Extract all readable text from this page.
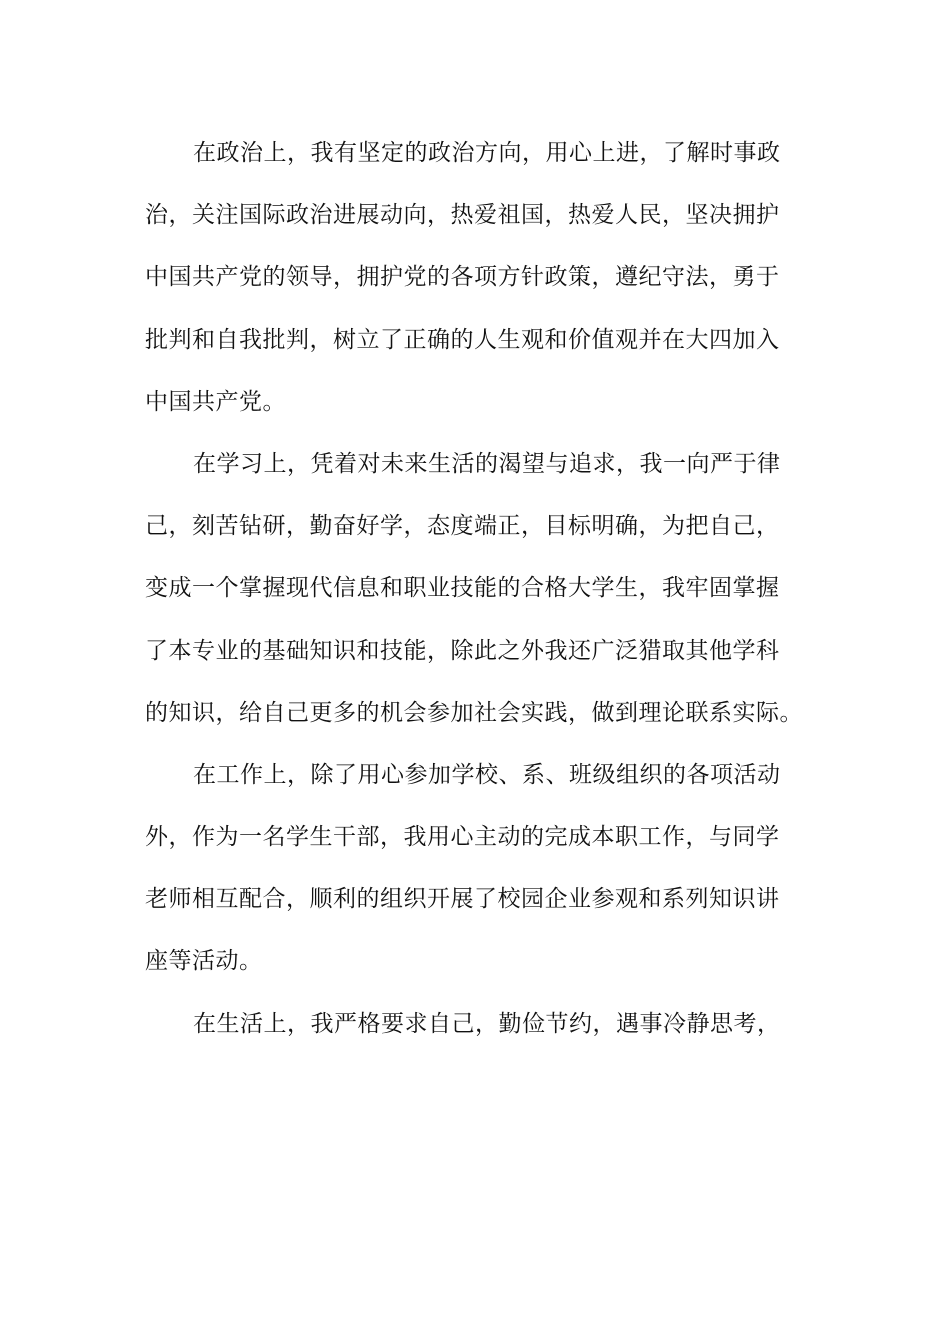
在政治上，我有坚定的政治方向，用心上进，了解时事政
治，关注国际政治进展动向，热爱祖国，热爱人民，坚决拥护
中国共产党的领导，拥护党的各项方针政策，遵纪守法，勇于
批判和自我批判，树立了正确的人生观和价值观并在大四加入
中国共产党。
在学习上，凭着对未来生活的渴望与追求，我一向严于律
己，刻苦钻研，勤奋好学，态度端正，目标明确，为把自己，
变成一个掌握现代信息和职业技能的合格大学生，我牢固掌握
了本专业的基础知识和技能，除此之外我还广泛猎取其他学科
的知识，给自己更多的机会参加社会实践，做到理论联系实际。
在工作上，除了用心参加学校、系、班级组织的各项活动
外，作为一名学生干部，我用心主动的完成本职工作，与同学
老师相互配合，顺利的组织开展了校园企业参观和系列知识讲
座等活动。
在生活上，我严格要求自己，勤俭节约，遇事冷静思考，
